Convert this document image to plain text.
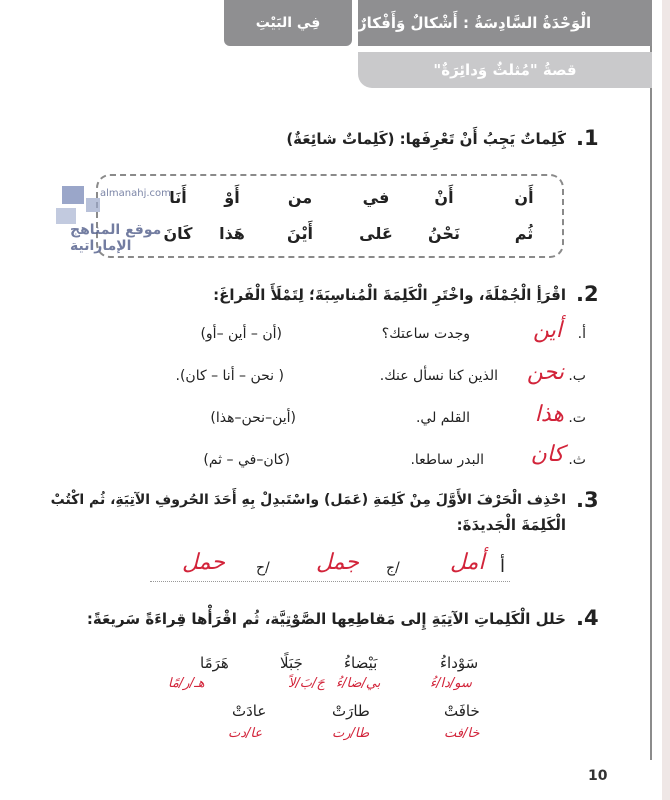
الْوَحْدَةُ السَّادِسَةُ : أَشْكالٌ وَأَفْكارٌ
فِي البَيْتِ
قصةُ "مُثلثٌ وَدائِرَةٌ"
.1
كَلِماتٌ يَجِبُ أَنْ تَعْرِفَها: (كَلِماتٌ شائِعَةٌ)
أَن
أَنْ
في
من
أَوْ
أَنَا
ثُم
نَحْنُ
عَلى
أَيْنَ
هَذا
كَانَ
almanahj.com
موقع المناهج الإماراتية
.2
اقْرَأِ الْجُمْلَةَ، واخْتَرِ الْكَلِمَةَ الْمُناسِبَةَ؛ لِتَمْلَأَ الْفَراغَ:
أ.
أين
وجدت ساعتك؟
(أن – أين –أو)
ب.
نحن
الذين كنا نسأل عنك.
( نحن – أنا – كان).
ت.
هذا
القلم لي.
(أين–نحن–هذا)
ث.
كان
البدر ساطعا.
(كان–في – ثم)
.3
احْذِف الْحَرْفَ الأَوَّلَ مِنْ كَلِمَةِ (عَمَل) واسْتَبدِلْ بِهِ أَحَدَ الحُروفِ الآتِيَةِ، ثُم اكْتُبْ
الْكَلِمَةَ الْجَديدَةَ:
أ
أمل
/ج
جمل
/ح
حمل
.4
حَلل الْكَلِماتِ الآتِيَةِ إِلى مَقاطِعِها الصَّوْتِيَّة، ثُم اقْرَأْها قِراءَةً سَريعَةً:
سَوْداءُ
سو/دا/ءُ
بَيْضاءُ
بي/ضا/ءُ
جَبَلًا
جَ/بَ/لاً
هَرَمًا
هـ/ر/مًا
خافَتْ
خا/فت
طارَتْ
طا/رت
عادَتْ
عا/دت
10
